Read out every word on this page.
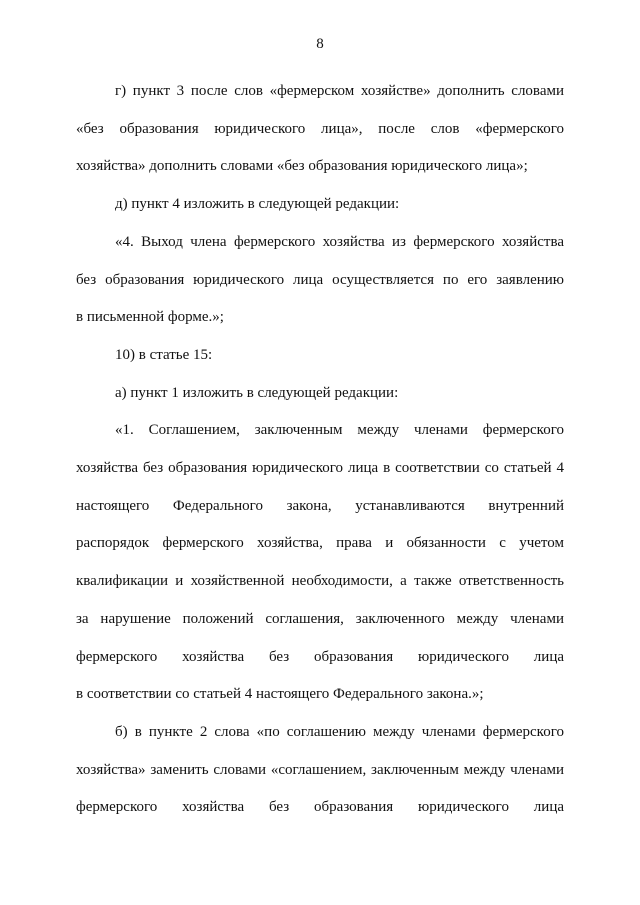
8
г) пункт 3 после слов «фермерском хозяйстве» дополнить словами
«без образования юридического лица», после слов «фермерского
хозяйства» дополнить словами «без образования юридического лица»;
д) пункт 4 изложить в следующей редакции:
«4. Выход члена фермерского хозяйства из фермерского хозяйства
без образования юридического лица осуществляется по его заявлению
в письменной форме.»;
10) в статье 15:
а) пункт 1 изложить в следующей редакции:
«1. Соглашением, заключенным между членами фермерского
хозяйства без образования юридического лица в соответствии со статьей 4
настоящего Федерального закона, устанавливаются внутренний
распорядок фермерского хозяйства, права и обязанности с учетом
квалификации и хозяйственной необходимости, а также ответственность
за нарушение положений соглашения, заключенного между членами
фермерского хозяйства без образования юридического лица
в соответствии со статьей 4 настоящего Федерального закона.»;
б) в пункте 2 слова «по соглашению между членами фермерского
хозяйства» заменить словами «соглашением, заключенным между членами
фермерского хозяйства без образования юридического лица
